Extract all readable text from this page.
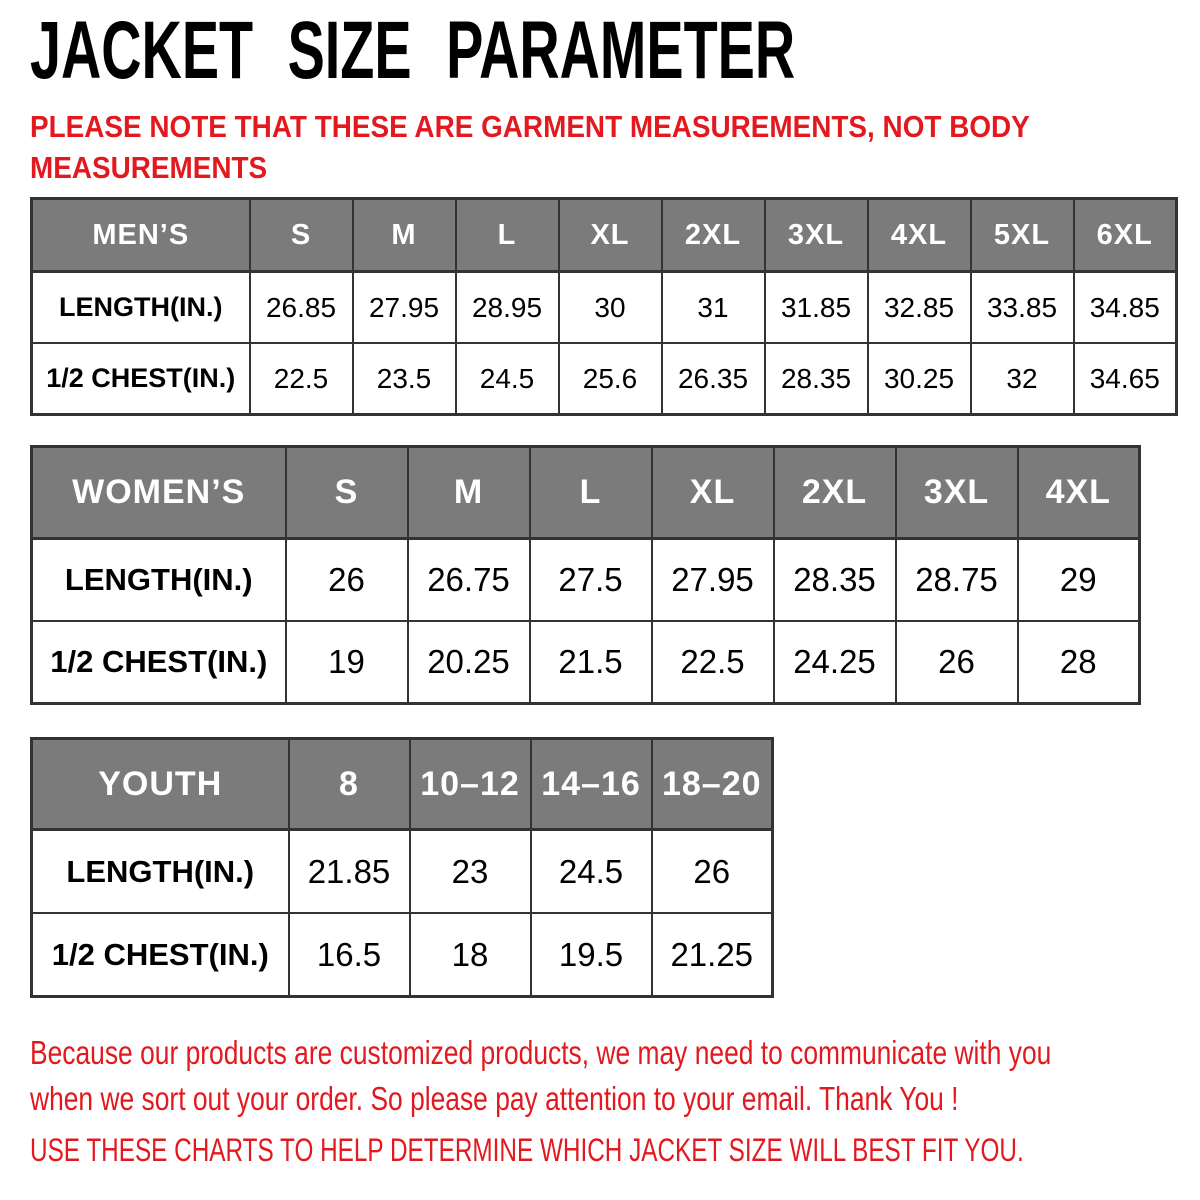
JACKET SIZE PARAMETER
PLEASE NOTE THAT THESE ARE GARMENT MEASUREMENTS, NOT BODY
MEASUREMENTS
MEN’S	S	M	L	XL	2XL	3XL	4XL	5XL	6XL
LENGTH(IN.)	26.85	27.95	28.95	30	31	31.85	32.85	33.85	34.85
1/2 CHEST(IN.)	22.5	23.5	24.5	25.6	26.35	28.35	30.25	32	34.65
WOMEN’S	S	M	L	XL	2XL	3XL	4XL
LENGTH(IN.)	26	26.75	27.5	27.95	28.35	28.75	29
1/2 CHEST(IN.)	19	20.25	21.5	22.5	24.25	26	28
YOUTH	8	10–12	14–16	18–20
LENGTH(IN.)	21.85	23	24.5	26
1/2 CHEST(IN.)	16.5	18	19.5	21.25
Because our products are customized products, we may need to communicate with you
when we sort out your order. So please pay attention to your email. Thank You !
USE THESE CHARTS TO HELP DETERMINE WHICH JACKET SIZE WILL BEST FIT YOU.
